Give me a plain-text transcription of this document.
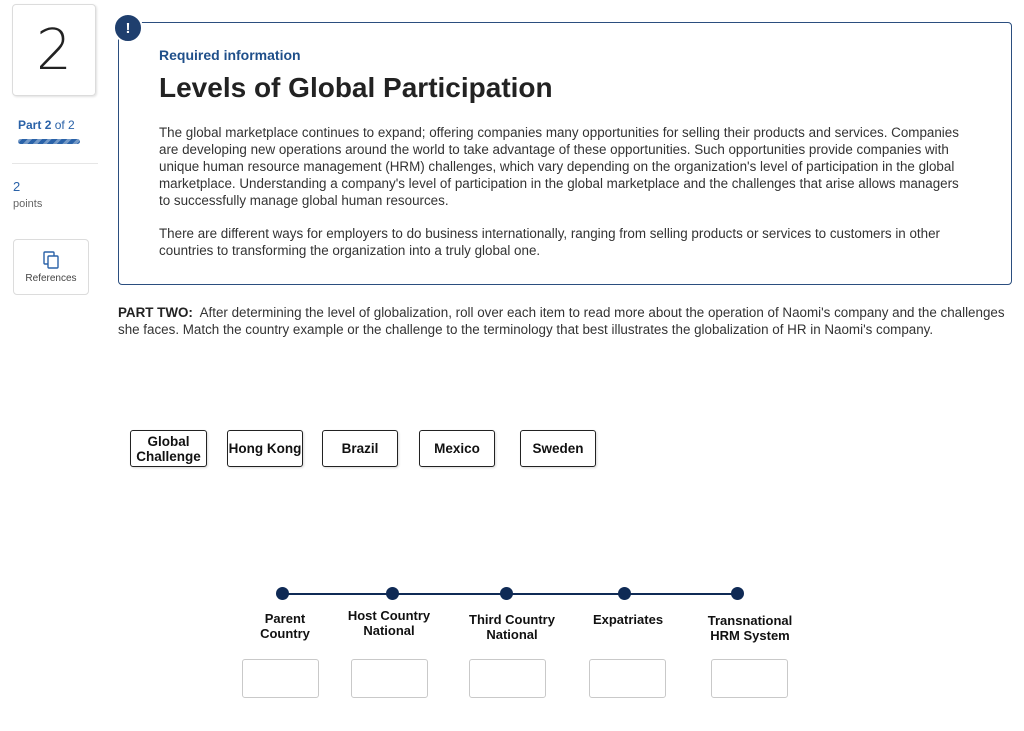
2
Part 2 of 2
2
points
References
!
Required information
Levels of Global Participation

The global marketplace continues to expand; offering companies many opportunities for selling their products and services. Companies are developing new operations around the world to take advantage of these opportunities. Such opportunities provide companies with unique human resource management (HRM) challenges, which vary depending on the organization's level of participation in the global marketplace. Understanding a company's level of participation in the global marketplace and the challenges that arise allows managers to successfully manage global human resources.

There are different ways for employers to do business internationally, ranging from selling products or services to customers in other countries to transforming the organization into a truly global one.

PART TWO: After determining the level of globalization, roll over each item to read more about the operation of Naomi's company and the challenges she faces. Match the country example or the challenge to the terminology that best illustrates the globalization of HR in Naomi's company.

Global Challenge	Hong Kong	Brazil	Mexico	Sweden
Parent Country
Host Country National
Third Country National
Expatriates	Transnational HRM System
